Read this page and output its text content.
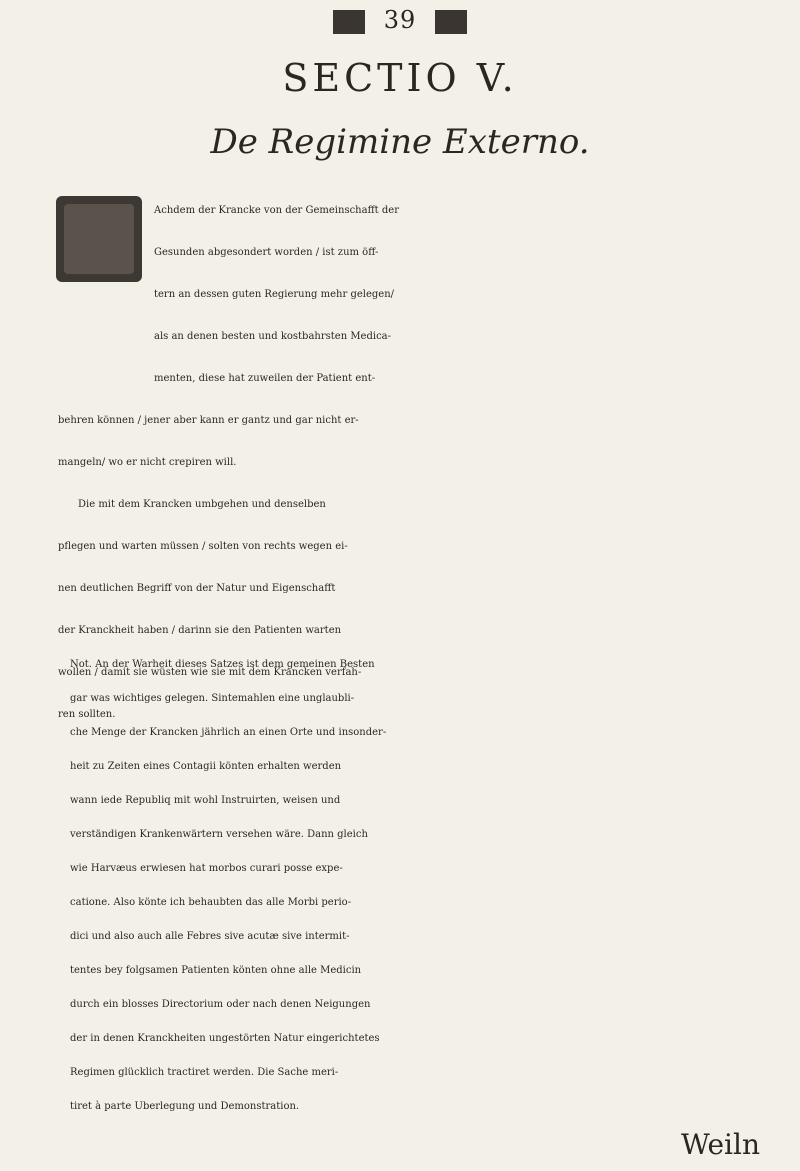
39
SECTIO V.
De Regimine Externo.
Achdem der Krancke von der Gemeinschafft der
Gesunden abgesondert worden / ist zum öff-
tern an dessen guten Regierung mehr gelegen/
als an denen besten und kostbahrsten Medica-
menten, diese hat zuweilen der Patient ent-
behren können / jener aber kann er gantz und gar nicht er-
mangeln/ wo er nicht crepiren will.
Die mit dem Krancken umbgehen und denselben
pflegen und warten müssen / solten von rechts wegen ei-
nen deutlichen Begriff von der Natur und Eigenschafft
der Kranckheit haben / darinn sie den Patienten warten
wollen / damit sie wüsten wie sie mit dem Krancken verfah-
ren sollten.
Not. An der Warheit dieses Satzes ist dem gemeinen Besten
gar was wichtiges gelegen. Sintemahlen eine unglaubli-
che Menge der Krancken jährlich an einen Orte und insonder-
heit zu Zeiten eines Contagii könten erhalten werden
wann iede Republiq mit wohl Instruirten, weisen und
verständigen Krankenwärtern versehen wäre. Dann gleich
wie Harvæus erwiesen hat morbos curari posse expe-
catione. Also könte ich behaubten das alle Morbi perio-
dici und also auch alle Febres sive acutæ sive intermit-
tentes bey folgsamen Patienten könten ohne alle Medicin
durch ein blosses Directorium oder nach denen Neigungen
der in denen Kranckheiten ungestörten Natur eingerichtetes
Regimen glücklich tractiret werden. Die Sache meri-
tiret à parte Uberlegung und Demonstration.
Weiln
